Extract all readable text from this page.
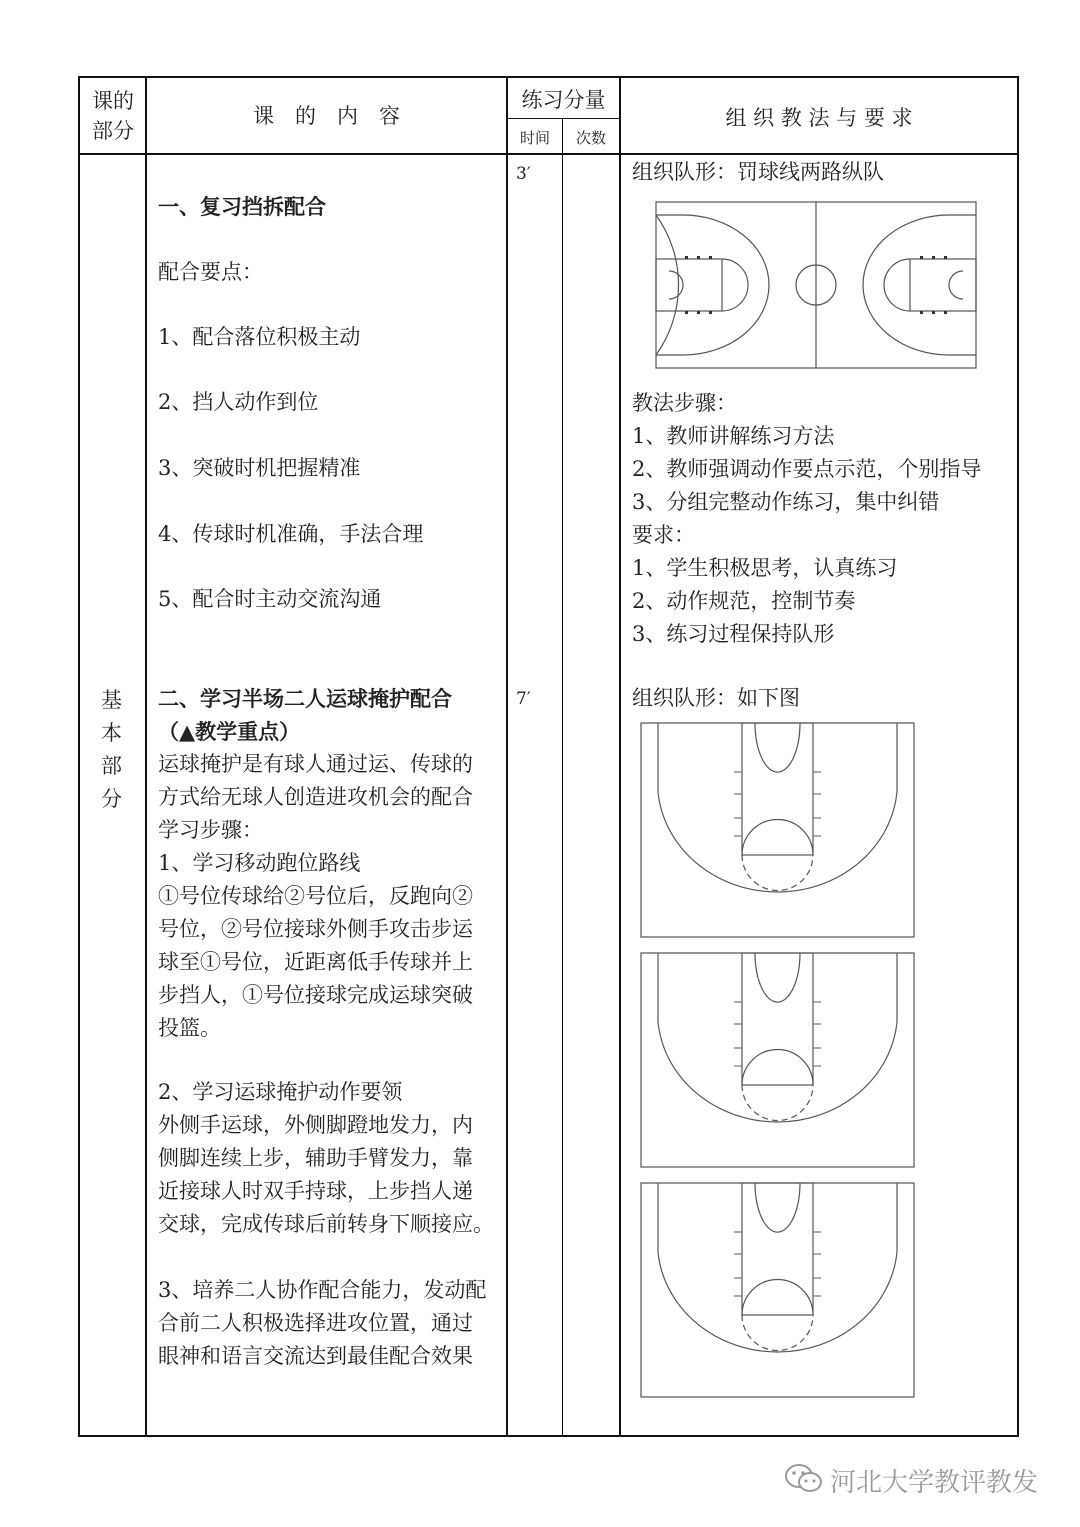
课的
部分
课　的　内　容
练习分量
时间	次数
组 织 教 法 与 要 求
基
本
部
分
3′
7′
一、复习挡拆配合
配合要点：
1、配合落位积极主动
2、挡人动作到位
3、突破时机把握精准
4、传球时机准确，手法合理
5、配合时主动交流沟通
二、学习半场二人运球掩护配合
（▲教学重点）
运球掩护是有球人通过运、传球的
方式给无球人创造进攻机会的配合
学习步骤：
1、学习移动跑位路线
①号位传球给②号位后，反跑向②
号位，②号位接球外侧手攻击步运
球至①号位，近距离低手传球并上
步挡人，①号位接球完成运球突破
投篮。
2、学习运球掩护动作要领
外侧手运球，外侧脚蹬地发力，内
侧脚连续上步，辅助手臂发力，靠
近接球人时双手持球，上步挡人递
交球，完成传球后前转身下顺接应。
3、培养二人协作配合能力，发动配
合前二人积极选择进攻位置，通过
眼神和语言交流达到最佳配合效果
组织队形：罚球线两路纵队
教法步骤：
1、教师讲解练习方法
2、教师强调动作要点示范，个别指导
3、分组完整动作练习，集中纠错
要求：
1、学生积极思考，认真练习
2、动作规范，控制节奏
3、练习过程保持队形
组织队形：如下图
河北大学教评教发
